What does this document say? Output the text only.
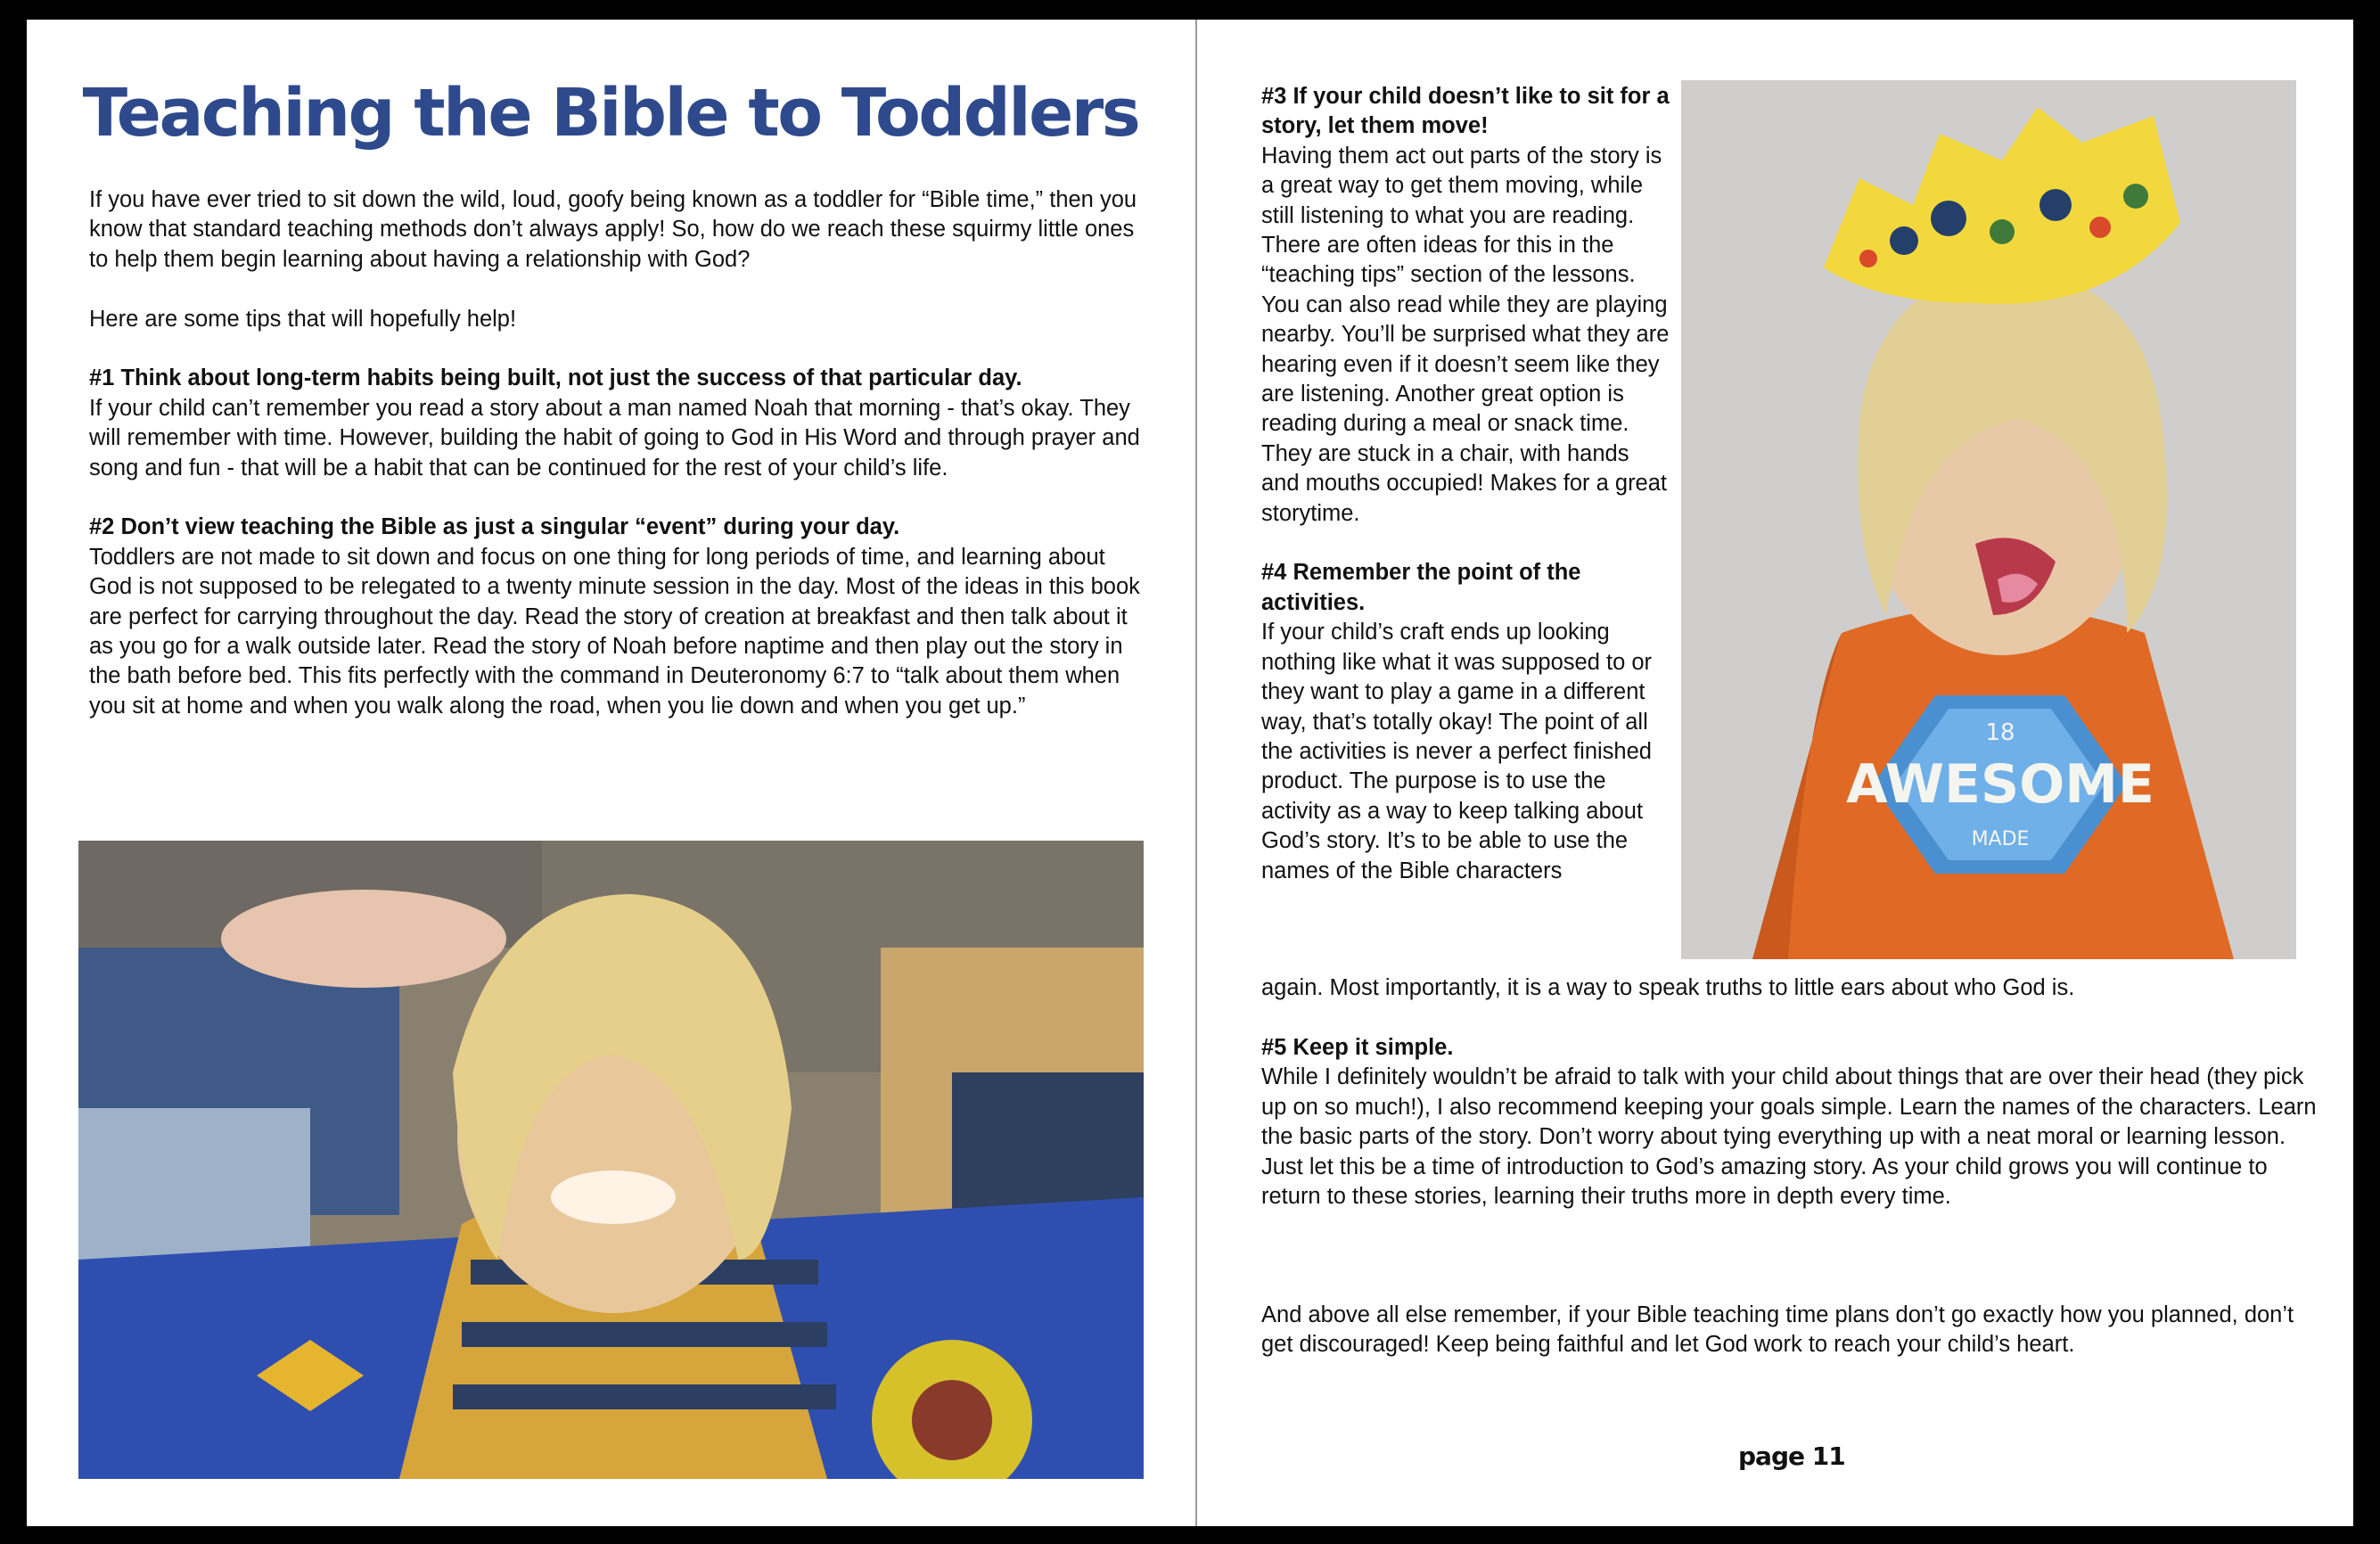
Teaching the Bible to Toddlers

If you have ever tried to sit down the wild, loud, goofy being known as a toddler for “Bible time,” then you know that standard teaching methods don’t always apply! So, how do we reach these squirmy little ones to help them begin learning about having a relationship with God?

Here are some tips that will hopefully help!

#1 Think about long-term habits being built, not just the success of that particular day.

If your child can’t remember you read a story about a man named Noah that morning - that’s okay. They will remember with time. However, building the habit of going to God in His Word and through prayer and song and fun - that will be a habit that can be continued for the rest of your child’s life.

#2 Don’t view teaching the Bible as just a singular “event” during your day.

Toddlers are not made to sit down and focus on one thing for long periods of time, and learning about God is not supposed to be relegated to a twenty minute session in the day. Most of the ideas in this book are perfect for carrying throughout the day. Read the story of creation at breakfast and then talk about it as you go for a walk outside later. Read the story of Noah before naptime and then play out the story in the bath before bed. This fits perfectly with the command in Deuteronomy 6:7 to “talk about them when you sit at home and when you walk along the road, when you lie down and when you get up.”

#3 If your child doesn’t like to sit for a story, let them move!

Having them act out parts of the story is a great way to get them moving, while still listening to what you are reading. There are often ideas for this in the “teaching tips” section of the lessons. You can also read while they are playing nearby. You’ll be surprised what they are hearing even if it doesn’t seem like they are listening. Another great option is reading during a meal or snack time. They are stuck in a chair, with hands and mouths occupied! Makes for a great storytime.

#4 Remember the point of the activities.

If your child’s craft ends up looking nothing like what it was supposed to or they want to play a game in a different way, that’s totally okay! The point of all the activities is never a perfect finished product. The purpose is to use the activity as a way to keep talking about God’s story. It’s to be able to use the names of the Bible characters

again. Most importantly, it is a way to speak truths to little ears about who God is.

#5 Keep it simple.

While I definitely wouldn’t be afraid to talk with your child about things that are over their head (they pick up on so much!), I also recommend keeping your goals simple. Learn the names of the characters. Learn the basic parts of the story. Don’t worry about tying everything up with a neat moral or learning lesson. Just let this be a time of introduction to God’s amazing story. As your child grows you will continue to return to these stories, learning their truths more in depth every time.

And above all else remember, if your Bible teaching time plans don’t go exactly how you planned, don’t get discouraged! Keep being faithful and let God work to reach your child’s heart.
18
AWESOME
MADE
page 11
